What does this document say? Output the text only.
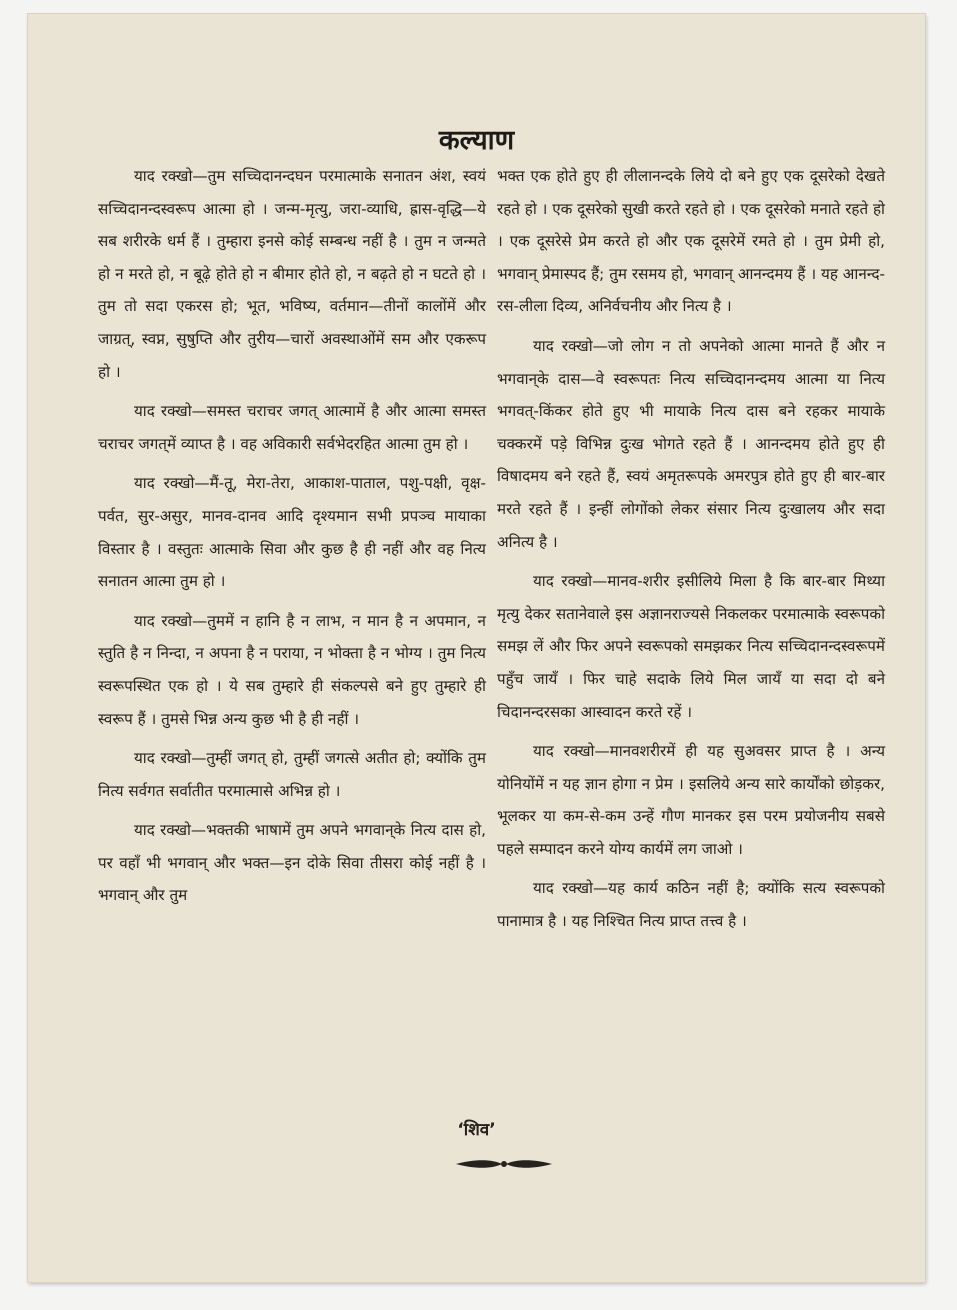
कल्याण

याद रक्खो—तुम सच्चिदानन्दघन परमात्माके सनातन अंश, स्वयं सच्चिदानन्दस्वरूप आत्मा हो । जन्म-मृत्यु, जरा-व्याधि, ह्रास-वृद्धि—ये सब शरीरके धर्म हैं । तुम्हारा इनसे कोई सम्बन्ध नहीं है । तुम न जन्मते हो न मरते हो, न बूढ़े होते हो न बीमार होते हो, न बढ़ते हो न घटते हो । तुम तो सदा एकरस हो; भूत, भविष्य, वर्तमान—तीनों कालोंमें और जाग्रत्, स्वप्न, सुषुप्ति और तुरीय—चारों अवस्थाओंमें सम और एकरूप हो ।

याद रक्खो—समस्त चराचर जगत् आत्मामें है और आत्मा समस्त चराचर जगत्‌में व्याप्त है । वह अविकारी सर्वभेदरहित आत्मा तुम हो ।

याद रक्खो—मैं-तू, मेरा-तेरा, आकाश-पाताल, पशु-पक्षी, वृक्ष-पर्वत, सुर-असुर, मानव-दानव आदि दृश्यमान सभी प्रपञ्च मायाका विस्तार है । वस्तुतः आत्माके सिवा और कुछ है ही नहीं और वह नित्य सनातन आत्मा तुम हो ।

याद रक्खो—तुममें न हानि है न लाभ, न मान है न अपमान, न स्तुति है न निन्दा, न अपना है न पराया, न भोक्ता है न भोग्य । तुम नित्य स्वरूपस्थित एक हो । ये सब तुम्हारे ही संकल्पसे बने हुए तुम्हारे ही स्वरूप हैं । तुमसे भिन्न अन्य कुछ भी है ही नहीं ।

याद रक्खो—तुम्हीं जगत् हो, तुम्हीं जगत्से अतीत हो; क्योंकि तुम नित्य सर्वगत सर्वातीत परमात्मासे अभिन्न हो ।

याद रक्खो—भक्तकी भाषामें तुम अपने भगवान्‌के नित्य दास हो, पर वहाँ भी भगवान् और भक्त—इन दोके सिवा तीसरा कोई नहीं है । भगवान् और तुम

भक्त एक होते हुए ही लीलानन्दके लिये दो बने हुए एक दूसरेको देखते रहते हो । एक दूसरेको सुखी करते रहते हो । एक दूसरेको मनाते रहते हो । एक दूसरेसे प्रेम करते हो और एक दूसरेमें रमते हो । तुम प्रेमी हो, भगवान् प्रेमास्पद हैं; तुम रसमय हो, भगवान् आनन्दमय हैं । यह आनन्द-रस-लीला दिव्य, अनिर्वचनीय और नित्य है ।

याद रक्खो—जो लोग न तो अपनेको आत्मा मानते हैं और न भगवान्‌के दास—वे स्वरूपतः नित्य सच्चिदानन्दमय आत्मा या नित्य भगवत्-किंकर होते हुए भी मायाके नित्य दास बने रहकर मायाके चक्करमें पड़े विभिन्न दुःख भोगते रहते हैं । आनन्दमय होते हुए ही विषादमय बने रहते हैं, स्वयं अमृतरूपके अमरपुत्र होते हुए ही बार-बार मरते रहते हैं । इन्हीं लोगोंको लेकर संसार नित्य दुःखालय और सदा अनित्य है ।

याद रक्खो—मानव-शरीर इसीलिये मिला है कि बार-बार मिथ्या मृत्यु देकर सतानेवाले इस अज्ञानराज्यसे निकलकर परमात्माके स्वरूपको समझ लें और फिर अपने स्वरूपको समझकर नित्य सच्चिदानन्दस्वरूपमें पहुँच जायँ । फिर चाहे सदाके लिये मिल जायँ या सदा दो बने चिदानन्दरसका आस्वादन करते रहें ।

याद रक्खो—मानवशरीरमें ही यह सुअवसर प्राप्त है । अन्य योनियोंमें न यह ज्ञान होगा न प्रेम । इसलिये अन्य सारे कार्योंको छोड़कर, भूलकर या कम-से-कम उन्हें गौण मानकर इस परम प्रयोजनीय सबसे पहले सम्पादन करने योग्य कार्यमें लग जाओ ।

याद रक्खो—यह कार्य कठिन नहीं है; क्योंकि सत्य स्वरूपको पानामात्र है । यह निश्चित नित्य प्राप्त तत्त्व है ।

‘शिव’
